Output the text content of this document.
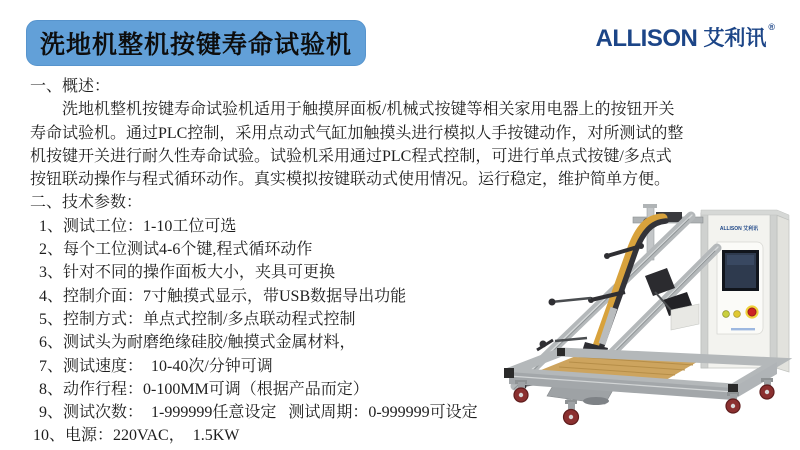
洗地机整机按键寿命试验机	ALLISON 艾利讯 ®
一、概述：
洗地机整机按键寿命试验机适用于触摸屏面板/机械式按键等相关家用电器上的按钮开关
寿命试验机。通过PLC控制，采用点动式气缸加触摸头进行模拟人手按键动作，对所测试的整
机按键开关进行耐久性寿命试验。试验机采用通过PLC程式控制，可进行单点式按键/多点式
按钮联动操作与程式循环动作。真实模拟按键联动式使用情况。运行稳定，维护简单方便。
二、技术参数：
1、测试工位：1-10工位可选
2、每个工位测试4-6个键,程式循环动作
3、针对不同的操作面板大小，夹具可更换
4、控制介面：7寸触摸式显示，带USB数据导出功能
5、控制方式：单点式控制/多点联动程式控制
6、测试头为耐磨绝缘硅胶/触摸式金属材料，
7、测试速度：  10-40次/分钟可调
8、动作行程：0-100MM可调（根据产品而定）
9、测试次数：  1-999999任意设定   测试周期：0-999999可设定
10、电源：220VAC，  1.5KW
ALLISON 艾利讯
